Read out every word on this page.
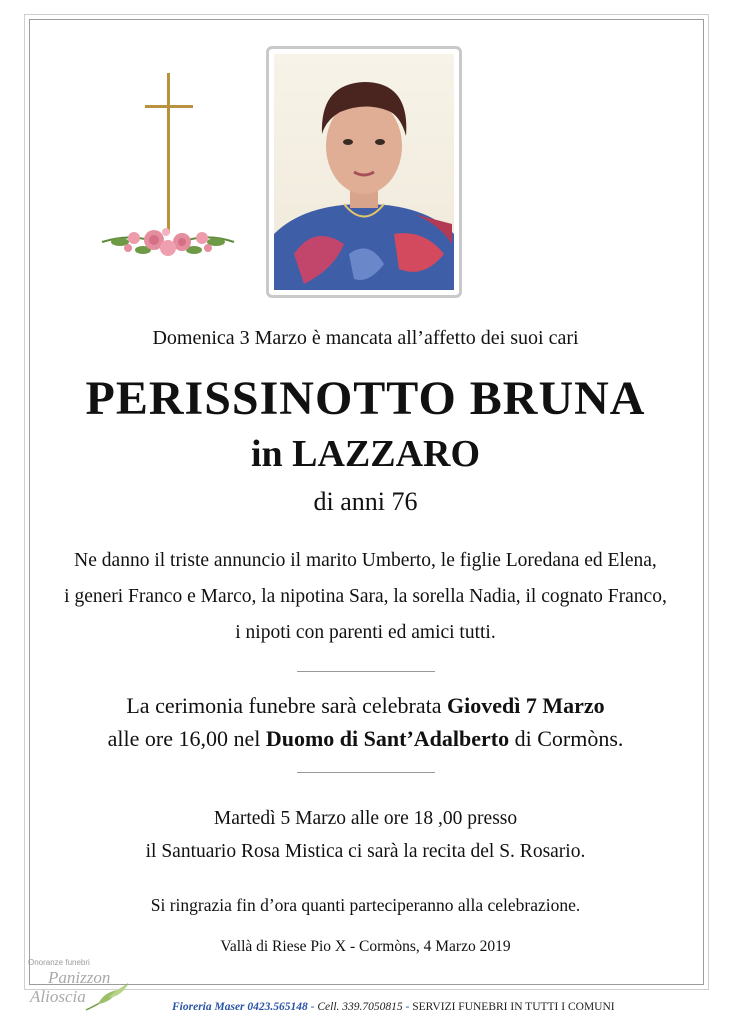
Domenica 3 Marzo è mancata all’affetto dei suoi cari
PERISSINOTTO BRUNA
in LAZZARO
di anni 76
Ne danno il triste annuncio il marito Umberto, le figlie Loredana ed Elena,
i generi Franco e Marco, la nipotina Sara, la sorella Nadia, il cognato Franco,
i nipoti con parenti ed amici tutti.
La cerimonia funebre sarà celebrata Giovedì 7 Marzo
alle ore 16,00 nel Duomo di Sant’Adalberto di Cormòns.
Martedì 5 Marzo alle ore 18 ,00 presso
il Santuario Rosa Mistica ci sarà la recita del S. Rosario.
Si ringrazia fin d’ora quanti parteciperanno alla celebrazione.
Vallà di Riese Pio X - Cormòns, 4 Marzo 2019
Onoranze funebri
Panizzon
Alioscia
Fioreria Maser 0423.565148 - Cell. 339.7050815 - SERVIZI FUNEBRI IN TUTTI I COMUNI
